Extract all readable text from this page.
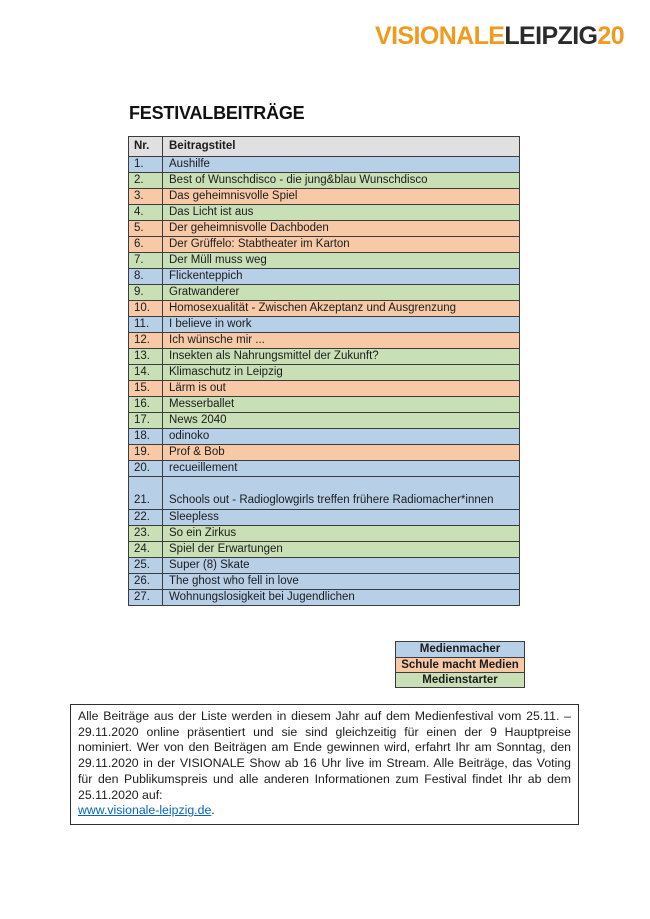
VISIONALELEIPZIG20
FESTIVALBEITRÄGE
Nr.	Beitragstitel
1.	Aushilfe
2.	Best of Wunschdisco - die jung&blau Wunschdisco
3.	Das geheimnisvolle Spiel
4.	Das Licht ist aus
5.	Der geheimnisvolle Dachboden
6.	Der Grüffelo: Stabtheater im Karton
7.	Der Müll muss weg
8.	Flickenteppich
9.	Gratwanderer
10.	Homosexualität - Zwischen Akzeptanz und Ausgrenzung
11.	I believe in work
12.	Ich wünsche mir ...
13.	Insekten als Nahrungsmittel der Zukunft?
14.	Klimaschutz in Leipzig
15.	Lärm is out
16.	Messerballet
17.	News 2040
18.	odinoko
19.	Prof & Bob
20.	recueillement
21.	Schools out - Radioglowgirls treffen frühere Radiomacher*innen
22.	Sleepless
23.	So ein Zirkus
24.	Spiel der Erwartungen
25.	Super (8) Skate
26.	The ghost who fell in love
27.	Wohnungslosigkeit bei Jugendlichen
Medienmacher
Schule macht Medien
Medienstarter
Alle Beiträge aus der Liste werden in diesem Jahr auf dem Medienfestival vom 25.11. – 29.11.2020 online präsentiert und sie sind gleichzeitig für einen der 9 Hauptpreise nominiert. Wer von den Beiträgen am Ende gewinnen wird, erfahrt Ihr am Sonntag, den 29.11.2020 in der VISIONALE Show ab 16 Uhr live im Stream. Alle Beiträge, das Voting für den Publikumspreis und alle anderen Informationen zum Festival findet Ihr ab dem 25.11.2020 auf:
www.visionale-leipzig.de.
